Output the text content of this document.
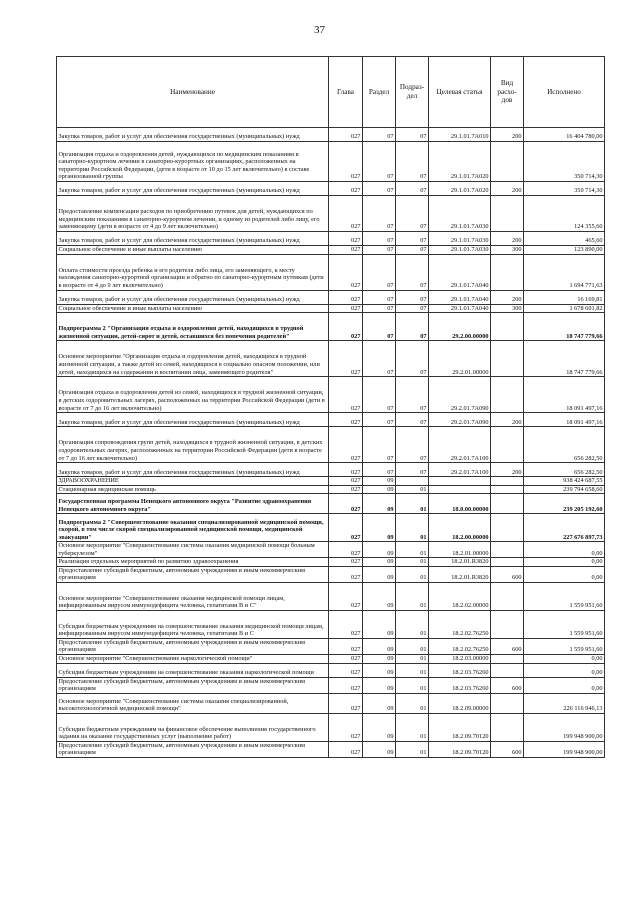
37
Наименование	Глава	Раздел	Подраз-дел	Целевая статья	Вид расхо-дов	Исполнено
Закупка товаров, работ и услуг для обеспечения государственных (муниципальных) нужд	027	07	07	29.1.01.7A010	200	16 404 780,00
Организация отдыха и оздоровления детей, нуждающихся по медицинским показаниям в санаторно-курортном лечении в санаторно-курортных организациях, расположенных на территории Российской Федерации, (дети в возрасте от 10 до 15 лет включительно) в составе организованной группы	027	07	07	29.1.01.7A020		350 714,30
Закупка товаров, работ и услуг для обеспечения государственных (муниципальных) нужд	027	07	07	29.1.01.7A020	200	350 714,30
Предоставление компенсации расходов по приобретению путевок для детей, нуждающихся по медицинским показаниям в санаторно-курортном лечении, и одному из родителей либо лицу, его заменяющему (дети в возрасте от 4 до 9 лет включительно)	027	07	07	29.1.01.7A030		124 355,60
Закупка товаров, работ и услуг для обеспечения государственных (муниципальных) нужд	027	07	07	29.1.01.7A030	200	465,60
Социальное обеспечение и иные выплаты населению	027	07	07	29.1.01.7A030	300	123 890,00
Оплата стоимости проезда ребенка и его родителя либо лица, его заменяющего, к месту нахождения санаторно-курортной организации и обратно по санаторно-курортным путевкам (дети в возрасте от 4 до 9 лет включительно)	027	07	07	29.1.01.7A040		1 694 771,63
Закупка товаров, работ и услуг для обеспечения государственных (муниципальных) нужд	027	07	07	29.1.01.7A040	200	16 169,81
Социальное обеспечение и иные выплаты населению	027	07	07	29.1.01.7A040	300	1 678 601,82
Подпрограмма 2 "Организация отдыха и оздоровления детей, находящихся в трудной жизненной ситуации, детей-сирот и детей, оставшихся без попечения родителей"	027	07	07	29.2.00.00000		18 747 779,66
Основное мероприятие "Организация отдыха и оздоровления детей, находящихся в трудной жизненной ситуации, а также детей из семей, находящихся в социально опасном положении, или детей, находящихся на содержании и воспитании лица, заменяющего родителя"	027	07	07	29.2.01.00000		18 747 779,66
Организация отдыха и оздоровления детей из семей, находящихся в трудной жизненной ситуации, в детских оздоровительных лагерях, расположенных на территории Российской Федерации (дети в возрасте от 7 до 16 лет включительно)	027	07	07	29.2.01.7A090		18 091 497,16
Закупка товаров, работ и услуг для обеспечения государственных (муниципальных) нужд	027	07	07	29.2.01.7A090	200	18 091 497,16
Организация сопровождения групп детей, находящихся в трудной жизненной ситуации, в детских оздоровительных лагерях, расположенных на территории Российской Федерации (дети в возрасте от 7 до 16 лет включительно)	027	07	07	29.2.01.7A100		656 282,50
Закупка товаров, работ и услуг для обеспечения государственных (муниципальных) нужд	027	07	07	29.2.01.7A100	200	656 282,50
ЗДРАВООХРАНЕНИЕ	027	09				938 424 687,55
Стационарная медицинская помощь	027	09	01			239 794 658,60
Государственная программа Ненецкого автономного округа "Развитие здравоохранения Ненецкого автономного округа"	027	09	01	18.0.00.00000		239 205 192,60
Подпрограмма 2 "Совершенствование оказания специализированной медицинской помощи, скорой, в том числе скорой специализированной медицинской помощи, медицинской эвакуации"	027	09	01	18.2.00.00000		227 676 897,73
Основное мероприятие "Совершенствование системы оказания медицинской помощи больным туберкулезом"	027	09	01	18.2.01.00000		0,00
Реализация отдельных мероприятий по развитию здравоохранения	027	09	01	18.2.01.R3820		0,00
Предоставление субсидий бюджетным, автономным учреждениям и иным некоммерческим организациям	027	09	01	18.2.01.R3820	600	0,00
Основное мероприятие "Совершенствование оказания медицинской помощи лицам, инфицированным вирусом иммунодефицита человека, гепатитами В и С"	027	09	01	18.2.02.00000		1 559 951,60
Субсидия бюджетным учреждениям на совершенствование оказания медицинской помощи лицам, инфицированным вирусом иммунодефицита человека, гепатитами В и С	027	09	01	18.2.02.76250		1 559 951,60
Предоставление субсидий бюджетным, автономным учреждениям и иным некоммерческим организациям	027	09	01	18.2.02.76250	600	1 559 951,60
Основное мероприятие "Совершенствование наркологической помощи"	027	09	01	18.2.03.00000		0,00
Субсидия бюджетным учреждениям на совершенствование оказания наркологической помощи	027	09	01	18.2.03.76260		0,00
Предоставление субсидий бюджетным, автономным учреждениям и иным некоммерческим организациям	027	09	01	18.2.03.76260	600	0,00
Основное мероприятие "Совершенствование системы оказания специализированной, высокотехнологичной медицинской помощи"	027	09	01	18.2.09.00000		226 116 946,13
Субсидии бюджетным учреждениям на финансовое обеспечение выполнения государственного задания на оказание государственных услуг (выполнение работ)	027	09	01	18.2.09.70120		199 948 900,00
Предоставление субсидий бюджетным, автономным учреждениям и иным некоммерческим организациям	027	09	01	18.2.09.70120	600	199 948 900,00
